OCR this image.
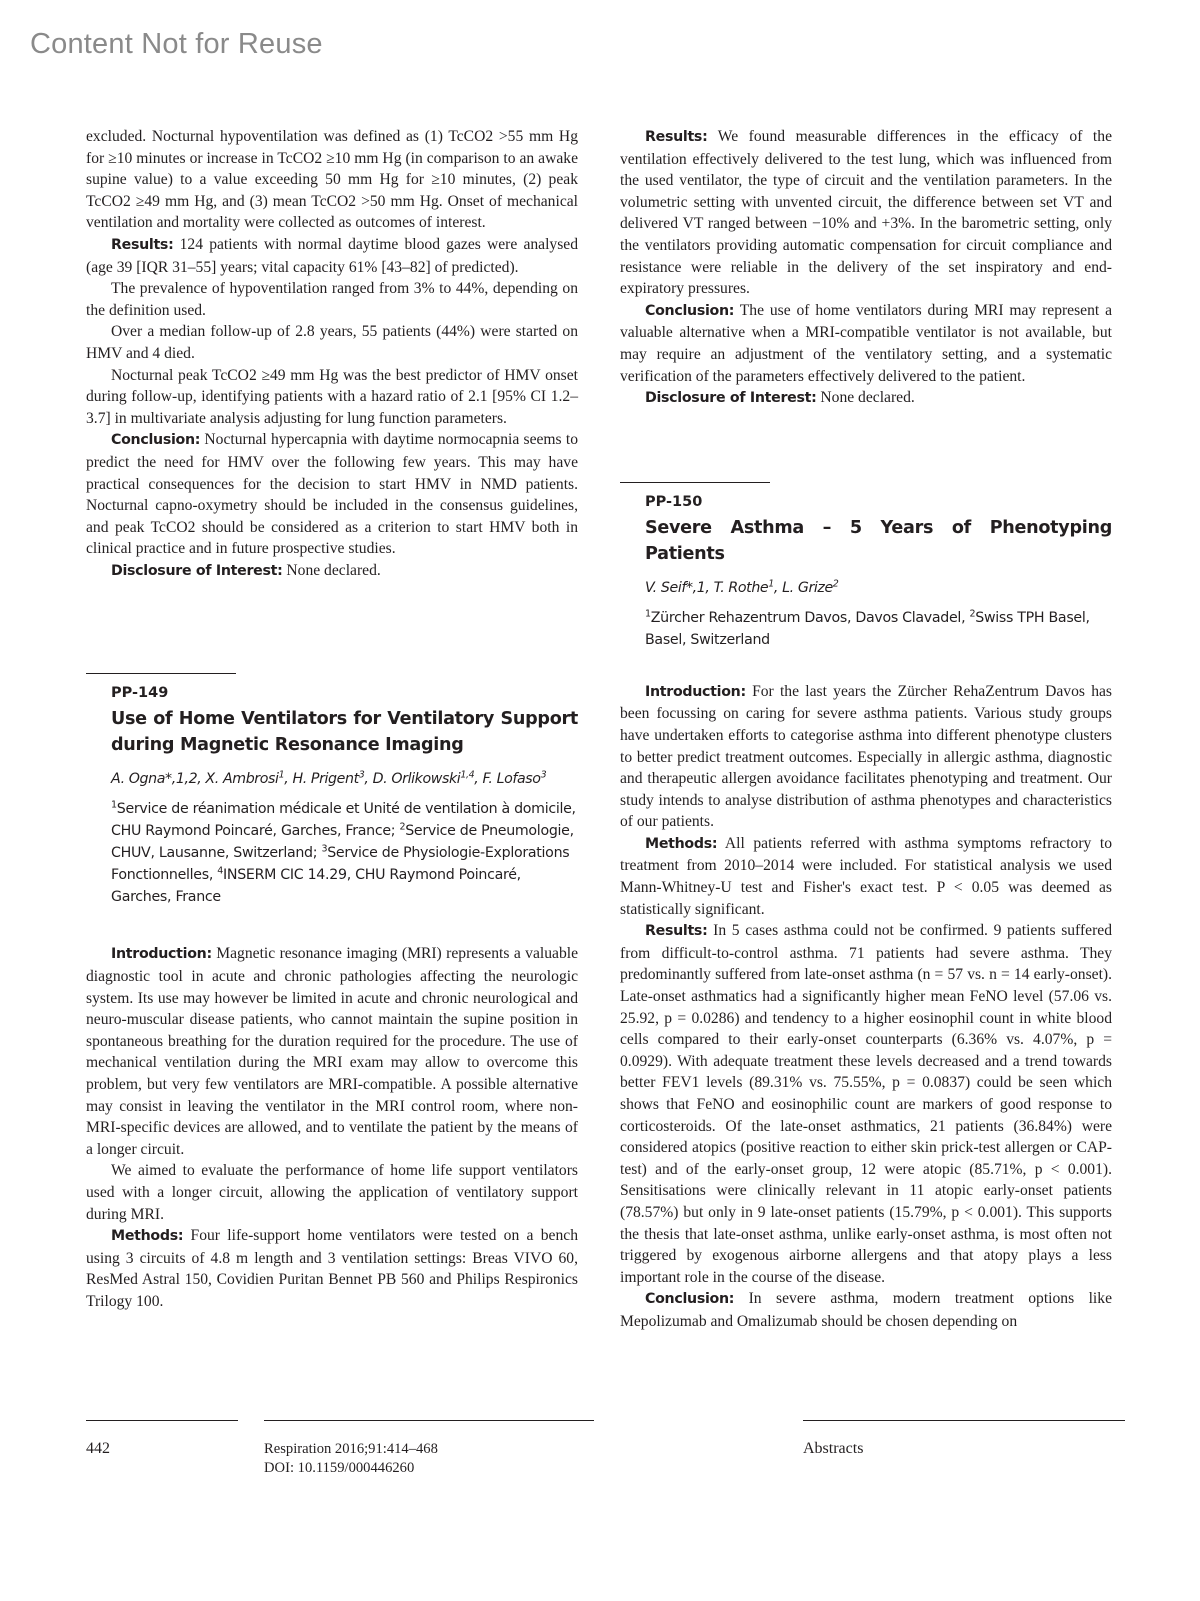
Content Not for Reuse

excluded. Nocturnal hypoventilation was defined as (1) TcCO2 >55 mm Hg for ≥10 minutes or increase in TcCO2 ≥10 mm Hg (in comparison to an awake supine value) to a value exceeding 50 mm Hg for ≥10 minutes, (2) peak TcCO2 ≥49 mm Hg, and (3) mean TcCO2 >50 mm Hg. Onset of mechanical ventilation and mortality were collected as outcomes of interest.

Results: 124 patients with normal daytime blood gazes were analysed (age 39 [IQR 31–55] years; vital capacity 61% [43–82] of predicted).

The prevalence of hypoventilation ranged from 3% to 44%, depending on the definition used.

Over a median follow-up of 2.8 years, 55 patients (44%) were started on HMV and 4 died.

Nocturnal peak TcCO2 ≥49 mm Hg was the best predictor of HMV onset during follow-up, identifying patients with a hazard ratio of 2.1 [95% CI 1.2–3.7] in multivariate analysis adjusting for lung function parameters.

Conclusion: Nocturnal hypercapnia with daytime normocapnia seems to predict the need for HMV over the following few years. This may have practical consequences for the decision to start HMV in NMD patients. Nocturnal capno-oxymetry should be included in the consensus guidelines, and peak TcCO2 should be considered as a criterion to start HMV both in clinical practice and in future prospective studies.

Disclosure of Interest: None declared.

PP-149
Use of Home Ventilators for Ventilatory Support during Magnetic Resonance Imaging
A. Ogna*,1,2, X. Ambrosi$^1$, H. Prigent$^3$, D. Orlikowski$^{1,4}$, F. Lofaso$^3$
$^1$Service de réanimation médicale et Unité de ventilation à domicile, CHU Raymond Poincaré, Garches, France; $^2$Service de Pneumologie, CHUV, Lausanne, Switzerland; $^3$Service de Physiologie-Explorations Fonctionnelles, $^4$INSERM CIC 14.29, CHU Raymond Poincaré, Garches, France

Introduction: Magnetic resonance imaging (MRI) represents a valuable diagnostic tool in acute and chronic pathologies affecting the neurologic system. Its use may however be limited in acute and chronic neurological and neuro-muscular disease patients, who cannot maintain the supine position in spontaneous breathing for the duration required for the procedure. The use of mechanical ventilation during the MRI exam may allow to overcome this problem, but very few ventilators are MRI-compatible. A possible alternative may consist in leaving the ventilator in the MRI control room, where non-MRI-specific devices are allowed, and to ventilate the patient by the means of a longer circuit.

We aimed to evaluate the performance of home life support ventilators used with a longer circuit, allowing the application of ventilatory support during MRI.

Methods: Four life-support home ventilators were tested on a bench using 3 circuits of 4.8 m length and 3 ventilation settings: Breas VIVO 60, ResMed Astral 150, Covidien Puritan Bennet PB 560 and Philips Respironics Trilogy 100.

Results: We found measurable differences in the efficacy of the ventilation effectively delivered to the test lung, which was influenced from the used ventilator, the type of circuit and the ventilation parameters. In the volumetric setting with unvented circuit, the difference between set VT and delivered VT ranged between −10% and +3%. In the barometric setting, only the ventilators providing automatic compensation for circuit compliance and resistance were reliable in the delivery of the set inspiratory and end-expiratory pressures.

Conclusion: The use of home ventilators during MRI may represent a valuable alternative when a MRI-compatible ventilator is not available, but may require an adjustment of the ventilatory setting, and a systematic verification of the parameters effectively delivered to the patient.

Disclosure of Interest: None declared.

PP-150
Severe Asthma – 5 Years of Phenotyping Patients
V. Seif*,1, T. Rothe$^1$, L. Grize$^2$
$^1$Zürcher Rehazentrum Davos, Davos Clavadel, $^2$Swiss TPH Basel, Basel, Switzerland

Introduction: For the last years the Zürcher RehaZentrum Davos has been focussing on caring for severe asthma patients. Various study groups have undertaken efforts to categorise asthma into different phenotype clusters to better predict treatment outcomes. Especially in allergic asthma, diagnostic and therapeutic allergen avoidance facilitates phenotyping and treatment. Our study intends to analyse distribution of asthma phenotypes and characteristics of our patients.

Methods: All patients referred with asthma symptoms refractory to treatment from 2010–2014 were included. For statistical analysis we used Mann-Whitney-U test and Fisher's exact test. P < 0.05 was deemed as statistically significant.

Results: In 5 cases asthma could not be confirmed. 9 patients suffered from difficult-to-control asthma. 71 patients had severe asthma. They predominantly suffered from late-onset asthma (n = 57 vs. n = 14 early-onset). Late-onset asthmatics had a significantly higher mean FeNO level (57.06 vs. 25.92, p = 0.0286) and tendency to a higher eosinophil count in white blood cells compared to their early-onset counterparts (6.36% vs. 4.07%, p = 0.0929). With adequate treatment these levels decreased and a trend towards better FEV1 levels (89.31% vs. 75.55%, p = 0.0837) could be seen which shows that FeNO and eosinophilic count are markers of good response to corticosteroids. Of the late-onset asthmatics, 21 patients (36.84%) were considered atopics (positive reaction to either skin prick-test allergen or CAP-test) and of the early-onset group, 12 were atopic (85.71%, p < 0.001). Sensitisations were clinically relevant in 11 atopic early-onset patients (78.57%) but only in 9 late-onset patients (15.79%, p < 0.001). This supports the thesis that late-onset asthma, unlike early-onset asthma, is most often not triggered by exogenous airborne allergens and that atopy plays a less important role in the course of the disease.

Conclusion: In severe asthma, modern treatment options like Mepolizumab and Omalizumab should be chosen depending on

442	Respiration 2016;91:414–468
DOI: 10.1159/000446260
Abstracts
